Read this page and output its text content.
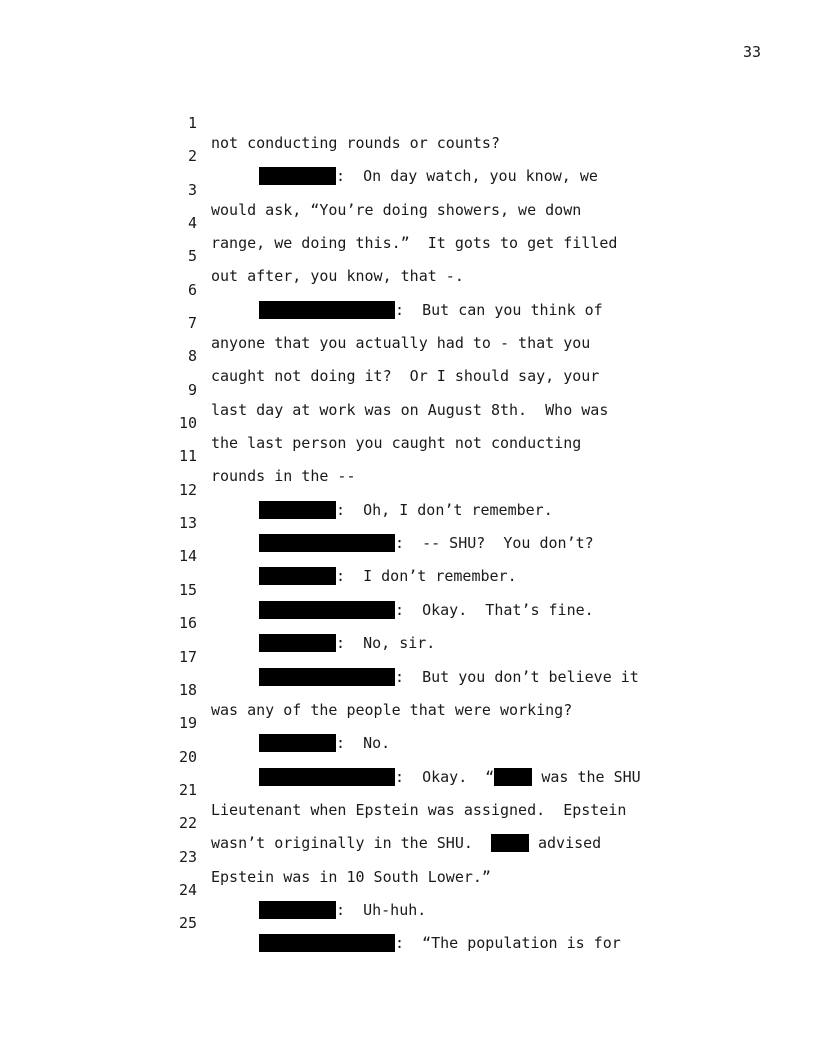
33

1

not conducting rounds or counts?

2

:  On day watch, you know, we

3

would ask, “You’re doing showers, we down

4

range, we doing this.”  It gots to get filled

5

out after, you know, that -.

6

:  But can you think of

7

anyone that you actually had to - that you

8

caught not doing it?  Or I should say, your

9

last day at work was on August 8th.  Who was

10

the last person you caught not conducting

11

rounds in the --

12

:  Oh, I don’t remember.

13

:  -- SHU?  You don’t?

14

:  I don’t remember.

15

:  Okay.  That’s fine.

16

:  No, sir.

17

:  But you don’t believe it

18

was any of the people that were working?

19

:  No.

20

:  Okay.  “	was the SHU

21

Lieutenant when Epstein was assigned.  Epstein

22

wasn’t originally in the SHU.	advised

23

Epstein was in 10 South Lower.”

24

:  Uh-huh.

25

:  “The population is for
